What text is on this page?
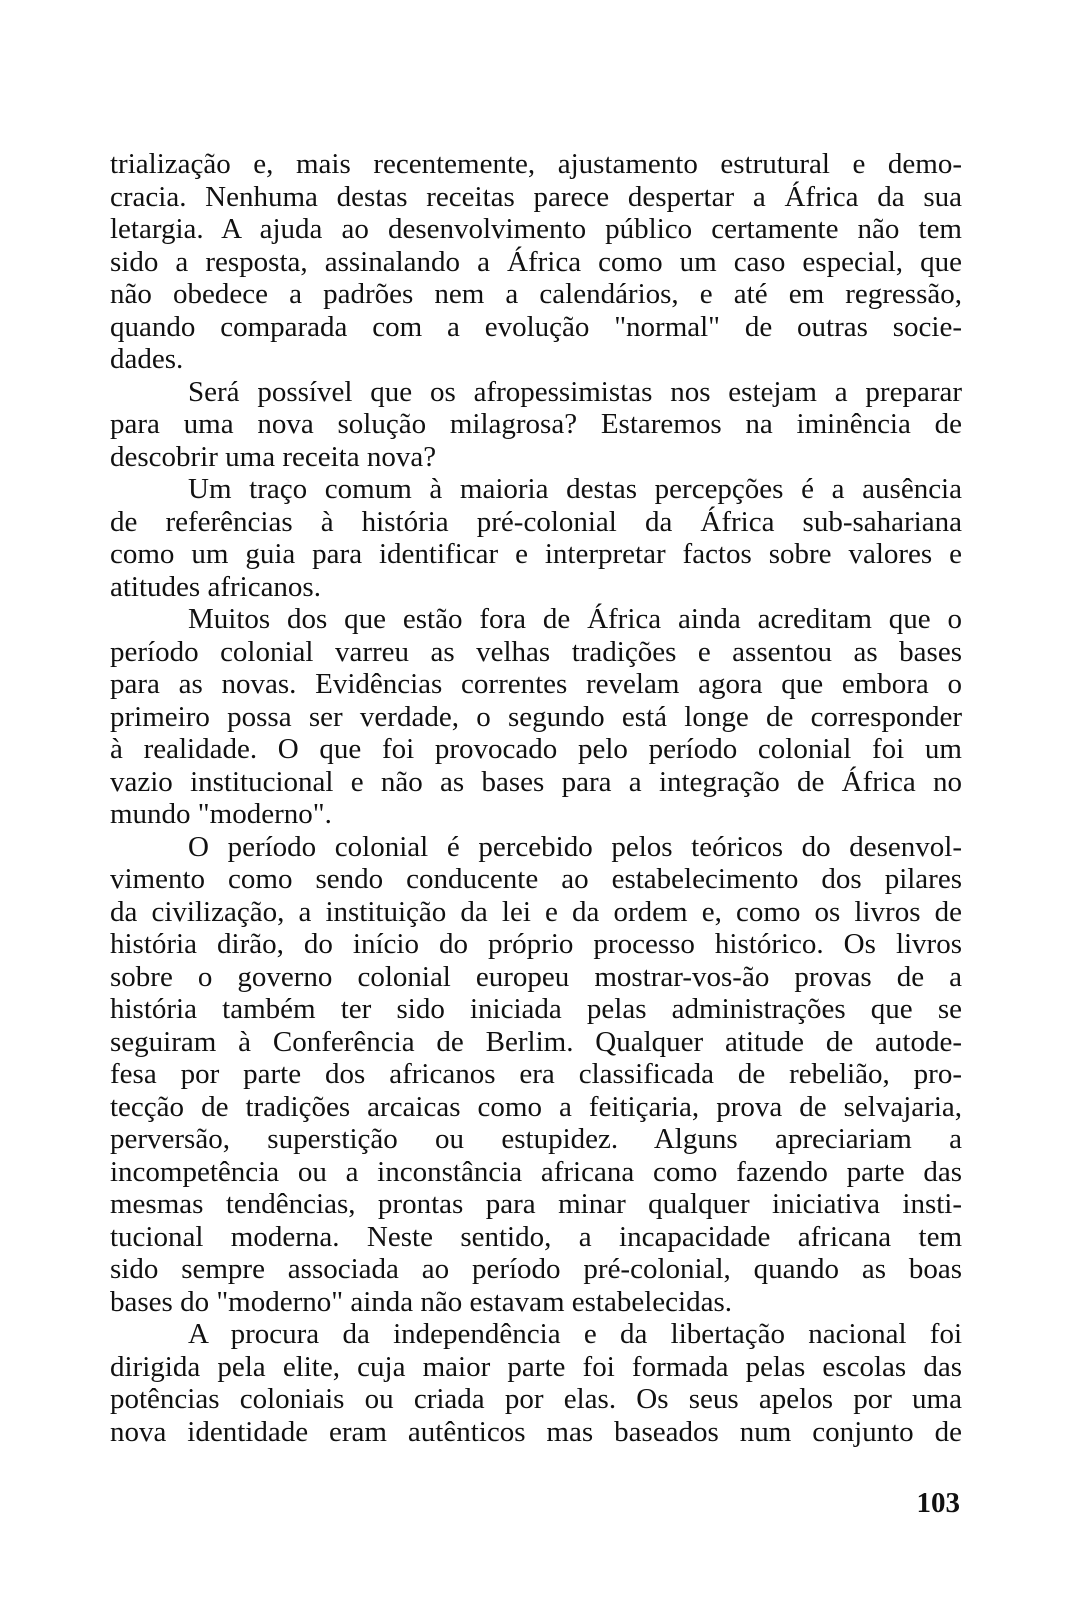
trialização e, mais recentemente, ajustamento estrutural e demo-
cracia. Nenhuma destas receitas parece despertar a África da sua
letargia. A ajuda ao desenvolvimento público certamente não tem
sido a resposta, assinalando a África como um caso especial, que
não obedece a padrões nem a calendários, e até em regressão,
quando comparada com a evolução "normal" de outras socie-
dades.
Será possível que os afropessimistas nos estejam a preparar
para uma nova solução milagrosa? Estaremos na iminência de
descobrir uma receita nova?
Um traço comum à maioria destas percepções é a ausência
de referências à história pré-colonial da África sub-sahariana
como um guia para identificar e interpretar factos sobre valores e
atitudes africanos.
Muitos dos que estão fora de África ainda acreditam que o
período colonial varreu as velhas tradições e assentou as bases
para as novas. Evidências correntes revelam agora que embora o
primeiro possa ser verdade, o segundo está longe de corresponder
à realidade. O que foi provocado pelo período colonial foi um
vazio institucional e não as bases para a integração de África no
mundo "moderno".
O período colonial é percebido pelos teóricos do desenvol-
vimento como sendo conducente ao estabelecimento dos pilares
da civilização, a instituição da lei e da ordem e, como os livros de
história dirão, do início do próprio processo histórico. Os livros
sobre o governo colonial europeu mostrar-vos-ão provas de a
história também ter sido iniciada pelas administrações que se
seguiram à Conferência de Berlim. Qualquer atitude de autode-
fesa por parte dos africanos era classificada de rebelião, pro-
tecção de tradições arcaicas como a feitiçaria, prova de selvajaria,
perversão, superstição ou estupidez. Alguns apreciariam a
incompetência ou a inconstância africana como fazendo parte das
mesmas tendências, prontas para minar qualquer iniciativa insti-
tucional moderna. Neste sentido, a incapacidade africana tem
sido sempre associada ao período pré-colonial, quando as boas
bases do "moderno" ainda não estavam estabelecidas.
A procura da independência e da libertação nacional foi
dirigida pela elite, cuja maior parte foi formada pelas escolas das
potências coloniais ou criada por elas. Os seus apelos por uma
nova identidade eram autênticos mas baseados num conjunto de
103
